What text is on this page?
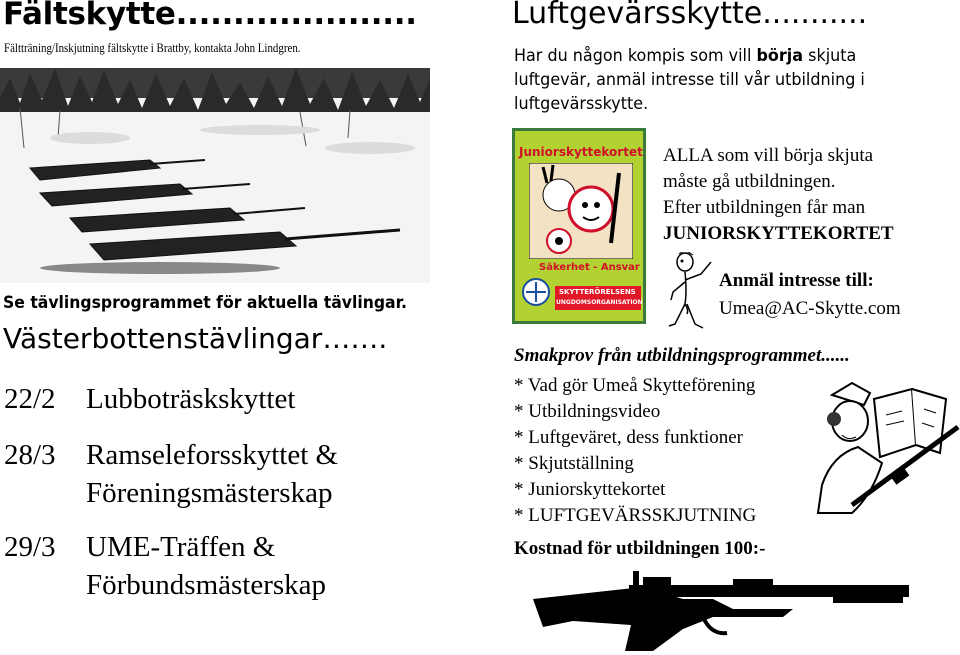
Fältskytte.....................
Fältträning/Inskjutning fältskytte i Brattby, kontakta John Lindgren.
Se tävlingsprogrammet för aktuella tävlingar.
Västerbottenstävlingar…….
22/2	Lubboträskskyttet
28/3	Ramseleforsskyttet &
Föreningsmästerskap
29/3	UME-Träffen &
Förbundsmästerskap
Luftgevärsskytte...........
Har du någon kompis som vill börja skjuta
luftgevär, anmäl intresse till vår utbildning i
luftgevärsskytte.
Juniorskyttekortet
Säkerhet - Ansvar
SKYTTERÖRELSENS
UNGDOMSORGANISATION
ALLA som vill börja skjuta
måste gå utbildningen.
Efter utbildningen får man
JUNIORSKYTTEKORTET
Anmäl intresse till:
Umea@AC-Skytte.com
Smakprov från utbildningsprogrammet......
* Vad gör Umeå Skytteförening
* Utbildningsvideo
* Luftgeväret, dess funktioner
* Skjutställning
* Juniorskyttekortet
* LUFTGEVÄRSSKJUTNING
Kostnad för utbildningen 100:-
